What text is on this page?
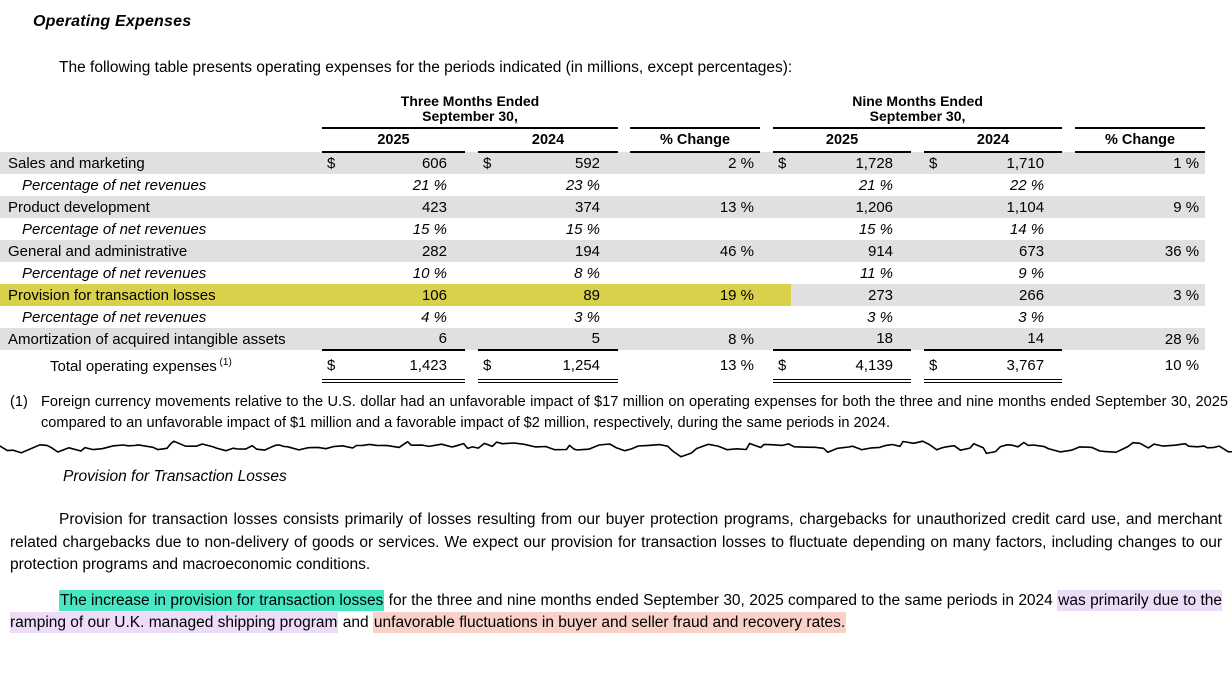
Operating Expenses

The following table presents operating expenses for the periods indicated (in millions, except percentages):

Three Months Ended
September 30,

Nine Months Ended
September 30,

	2025			2024			% Change		2025			2024			% Change	
Sales and marketing	$	606		$	592		2 %		$	1,728		$	1,710		1 %	
Percentage of net revenues		21 %			23 %					21 %			22 %			
Product development		423			374		13 %			1,206			1,104		9 %	
Percentage of net revenues		15 %			15 %					15 %			14 %			
General and administrative		282			194		46 %			914			673		36 %	
Percentage of net revenues		10 %			8 %					11 %			9 %			
Provision for transaction losses		106			89		19 %			273			266		3 %	
Percentage of net revenues		4 %			3 %					3 %			3 %			
Amortization of acquired intangible assets		6			5		8 %			18			14		28 %	
Total operating expenses $^{(1)}$	$	1,423		$	1,254		13 %		$	4,139		$	3,767		10 %	
(1) Foreign currency movements relative to the U.S. dollar had an unfavorable impact of $17 million on operating expenses for both the three and nine months ended September 30, 2025 compared to an unfavorable impact of $1 million and a favorable impact of $2 million, respectively, during the same periods in 2024.
Provision for Transaction Losses

Provision for transaction losses consists primarily of losses resulting from our buyer protection programs, chargebacks for unauthorized credit card use, and merchant related chargebacks due to non-delivery of goods or services. We expect our provision for transaction losses to fluctuate depending on many factors, including changes to our protection programs and macroeconomic conditions.

The increase in provision for transaction losses for the three and nine months ended September 30, 2025 compared to the same periods in 2024 was primarily due to the ramping of our U.K. managed shipping program and unfavorable fluctuations in buyer and seller fraud and recovery rates.
